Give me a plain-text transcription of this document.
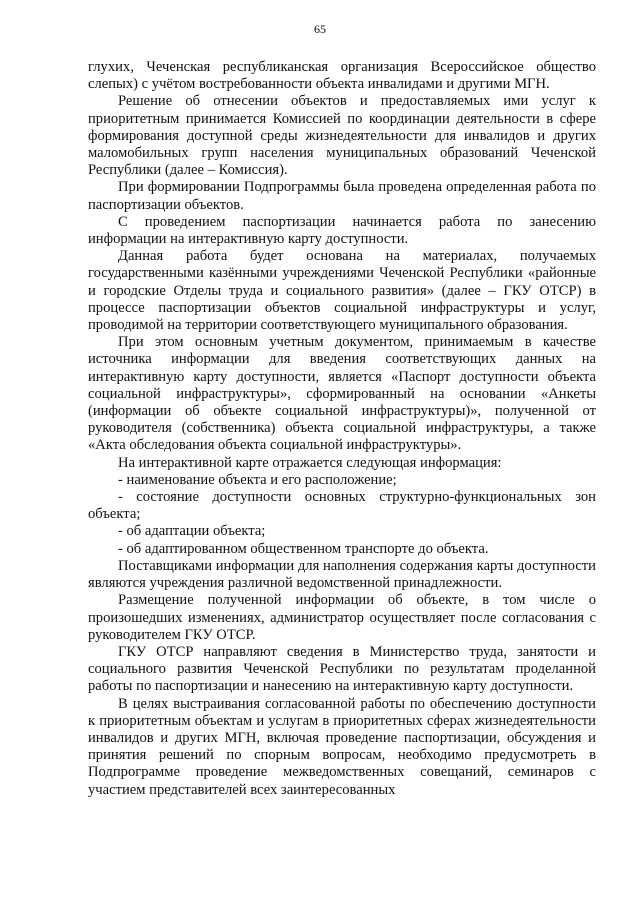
65

глухих, Чеченская республиканская организация Всероссийское общество слепых) с учётом востребованности объекта инвалидами и другими МГН.

Решение об отнесении объектов и предоставляемых ими услуг к приоритетным принимается Комиссией по координации деятельности в сфере формирования доступной среды жизнедеятельности для инвалидов и других маломобильных групп населения муниципальных образований Чеченской Республики (далее – Комиссия).

При формировании Подпрограммы была проведена определенная работа по паспортизации объектов.

С проведением паспортизации начинается работа по занесению информации на интерактивную карту доступности.

Данная работа будет основана на материалах, получаемых государственными казёнными учреждениями Чеченской Республики «районные и городские Отделы труда и социального развития» (далее – ГКУ ОТСР) в процессе паспортизации объектов социальной инфраструктуры и услуг, проводимой на территории соответствующего муниципального образования.

При этом основным учетным документом, принимаемым в качестве источника информации для введения соответствующих данных на интерактивную карту доступности, является «Паспорт доступности объекта социальной инфраструктуры», сформированный на основании «Анкеты (информации об объекте социальной инфраструктуры)», полученной от руководителя (собственника) объекта социальной инфраструктуры, а также «Акта обследования объекта социальной инфраструктуры».

На интерактивной карте отражается следующая информация:

- наименование объекта и его расположение;

- состояние доступности основных структурно-функциональных зон объекта;

- об адаптации объекта;

- об адаптированном общественном транспорте до объекта.

Поставщиками информации для наполнения содержания карты доступности являются учреждения различной ведомственной принадлежности.

Размещение полученной информации об объекте, в том числе о произошедших изменениях, администратор осуществляет после согласования с руководителем ГКУ ОТСР.

ГКУ ОТСР направляют сведения в Министерство труда, занятости и социального развития Чеченской Республики по результатам проделанной работы по паспортизации и нанесению на интерактивную карту доступности.

В целях выстраивания согласованной работы по обеспечению доступности к приоритетным объектам и услугам в приоритетных сферах жизнедеятельности инвалидов и других МГН, включая проведение паспортизации, обсуждения и принятия решений по спорным вопросам, необходимо предусмотреть в Подпрограмме проведение межведомственных совещаний, семинаров с участием представителей всех заинтересованных
